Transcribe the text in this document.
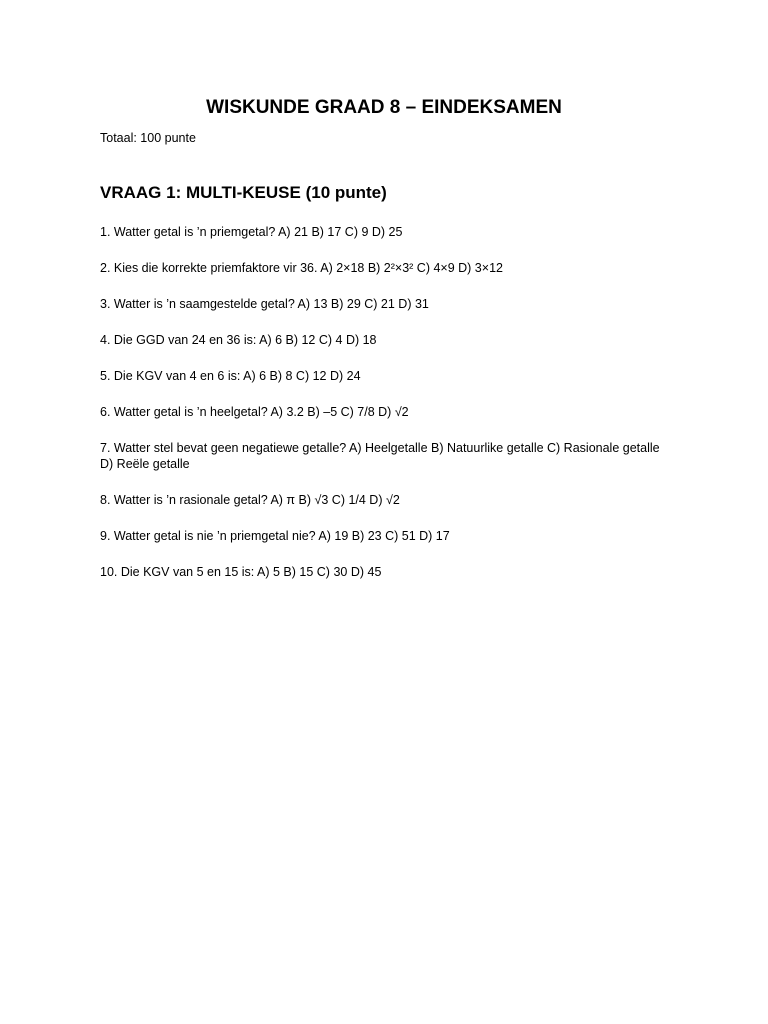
WISKUNDE GRAAD 8 – EINDEKSAMEN

Totaal: 100 punte

VRAAG 1: MULTI-KEUSE (10 punte)
1. Watter getal is ’n priemgetal? A) 21 B) 17 C) 9 D) 25
2. Kies die korrekte priemfaktore vir 36. A) 2×18 B) 2²×3² C) 4×9 D) 3×12
3. Watter is ’n saamgestelde getal? A) 13 B) 29 C) 21 D) 31
4. Die GGD van 24 en 36 is: A) 6 B) 12 C) 4 D) 18
5. Die KGV van 4 en 6 is: A) 6 B) 8 C) 12 D) 24
6. Watter getal is ’n heelgetal? A) 3.2 B) –5 C) 7/8 D) √2
7. Watter stel bevat geen negatiewe getalle? A) Heelgetalle B) Natuurlike getalle C) Rasionale getalle D) Reële getalle
8. Watter is ’n rasionale getal? A) π B) √3 C) 1/4 D) √2
9. Watter getal is nie ’n priemgetal nie? A) 19 B) 23 C) 51 D) 17
10. Die KGV van 5 en 15 is: A) 5 B) 15 C) 30 D) 45
